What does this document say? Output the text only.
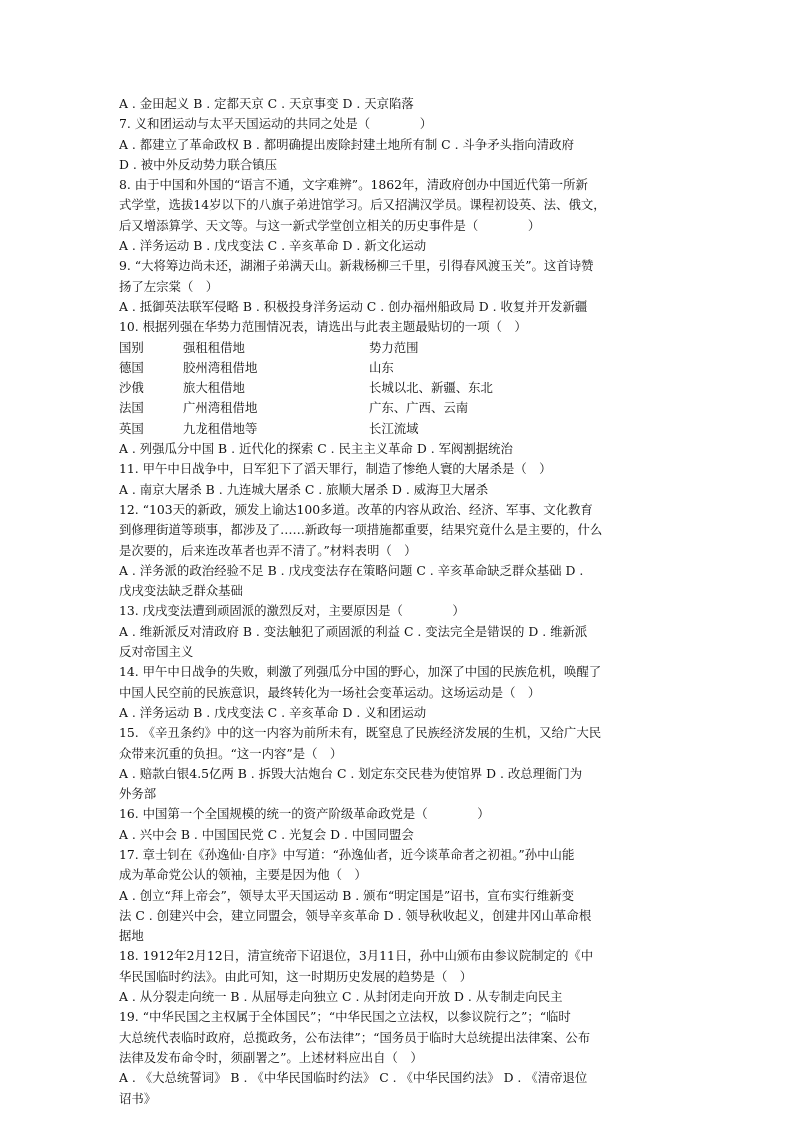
A . 金田起义 B . 定都天京 C . 天京事变 D . 天京陷落
7. 义和团运动与太平天国运动的共同之处是（　　　　）
A . 都建立了革命政权 B . 都明确提出废除封建土地所有制 C . 斗争矛头指向清政府
D . 被中外反动势力联合镇压
8. 由于中国和外国的“语言不通，文字难辨”。1862年，清政府创办中国近代第一所新
式学堂，选拔14岁以下的八旗子弟进馆学习。后又招满汉学员。课程初设英、法、俄文，
后又增添算学、天文等。与这一新式学堂创立相关的历史事件是（　　　　）
A . 洋务运动 B . 戊戌变法 C . 辛亥革命 D . 新文化运动
9. “大将筹边尚未还，湖湘子弟满天山。新栽杨柳三千里，引得春风渡玉关”。这首诗赞
扬了左宗棠（　）
A . 抵御英法联军侵略 B . 积极投身洋务运动 C . 创办福州船政局 D . 收复并开发新疆
10. 根据列强在华势力范围情况表，请选出与此表主题最贴切的一项（　）
国别	强租租借地	势力范围
德国	胶州湾租借地	山东
沙俄	旅大租借地	长城以北、新疆、东北
法国	广州湾租借地	广东、广西、云南
英国	九龙租借地等	长江流域
A . 列强瓜分中国 B . 近代化的探索 C . 民主主义革命 D . 军阀割据统治
11. 甲午中日战争中，日军犯下了滔天罪行，制造了惨绝人寰的大屠杀是（　）
A . 南京大屠杀 B . 九连城大屠杀 C . 旅顺大屠杀 D . 威海卫大屠杀
12. “103天的新政，颁发上谕达100多道。改革的内容从政治、经济、军事、文化教育
到修理街道等琐事，都涉及了……新政每一项措施都重要，结果究竟什么是主要的，什么
是次要的，后来连改革者也弄不清了。”材料表明（　）
A . 洋务派的政治经验不足 B . 戊戌变法存在策略问题 C . 辛亥革命缺乏群众基础 D .
戊戌变法缺乏群众基础
13. 戊戌变法遭到顽固派的激烈反对，主要原因是（　　　　）
A . 维新派反对清政府 B . 变法触犯了顽固派的利益 C . 变法完全是错误的 D . 维新派
反对帝国主义
14. 甲午中日战争的失败，刺激了列强瓜分中国的野心，加深了中国的民族危机，唤醒了
中国人民空前的民族意识，最终转化为一场社会变革运动。这场运动是（　）
A . 洋务运动 B . 戊戌变法 C . 辛亥革命 D . 义和团运动
15. 《辛丑条约》中的这一内容为前所未有，既窒息了民族经济发展的生机，又给广大民
众带来沉重的负担。“这一内容”是（　）
A . 赔款白银4.5亿两 B . 拆毁大沽炮台 C . 划定东交民巷为使馆界 D . 改总理衙门为
外务部
16. 中国第一个全国规模的统一的资产阶级革命政党是（　　　　）
A . 兴中会 B . 中国国民党 C . 光复会 D . 中国同盟会
17. 章士钊在《孙逸仙·自序》中写道：“孙逸仙者，近今谈革命者之初祖。”孙中山能
成为革命党公认的领袖，主要是因为他（　）
A . 创立“拜上帝会”，领导太平天国运动 B . 颁布“明定国是”诏书，宣布实行维新变
法 C . 创建兴中会，建立同盟会，领导辛亥革命 D . 领导秋收起义，创建井冈山革命根
据地
18. 1912年2月12日，清宣统帝下诏退位，3月11日，孙中山颁布由参议院制定的《中
华民国临时约法》。由此可知，这一时期历史发展的趋势是（　）
A . 从分裂走向统一 B . 从屈辱走向独立 C . 从封闭走向开放 D . 从专制走向民主
19. “中华民国之主权属于全体国民”；“中华民国之立法权，以参议院行之”；“临时
大总统代表临时政府，总揽政务，公布法律”；“国务员于临时大总统提出法律案、公布
法律及发布命令时，须副署之”。上述材料应出自（　）
A . 《大总统誓词》 B . 《中华民国临时约法》 C . 《中华民国约法》 D . 《清帝退位
诏书》
